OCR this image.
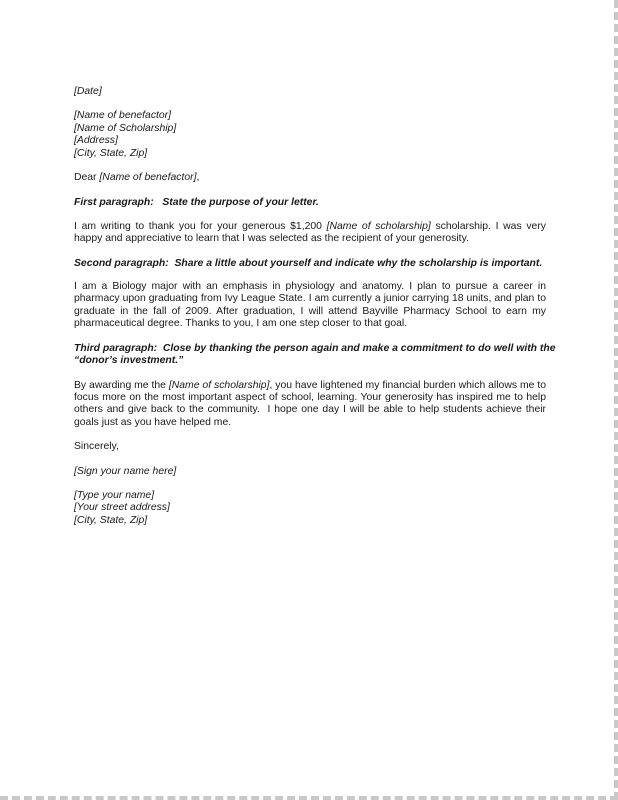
[Date]

[Name of benefactor]

[Name of Scholarship]

[Address]

[City, State, Zip]

Dear [Name of benefactor],

First paragraph:   State the purpose of your letter.

I am writing to thank you for your generous $1,200 [Name of scholarship] scholarship. I was very happy and appreciative to learn that I was selected as the recipient of your generosity.

Second paragraph:  Share a little about yourself and indicate why the scholarship is important.

I am a Biology major with an emphasis in physiology and anatomy. I plan to pursue a career in pharmacy upon graduating from Ivy League State. I am currently a junior carrying 18 units, and plan to graduate in the fall of 2009. After graduation, I will attend Bayville Pharmacy School to earn my pharmaceutical degree. Thanks to you, I am one step closer to that goal.

Third paragraph:  Close by thanking the person again and make a commitment to do well with the

“donor’s investment.”

By awarding me the [Name of scholarship], you have lightened my financial burden which allows me to focus more on the most important aspect of school, learning. Your generosity has inspired me to help others and give back to the community.  I hope one day I will be able to help students achieve their goals just as you have helped me.

Sincerely,

[Sign your name here]

[Type your name]

[Your street address]

[City, State, Zip]
